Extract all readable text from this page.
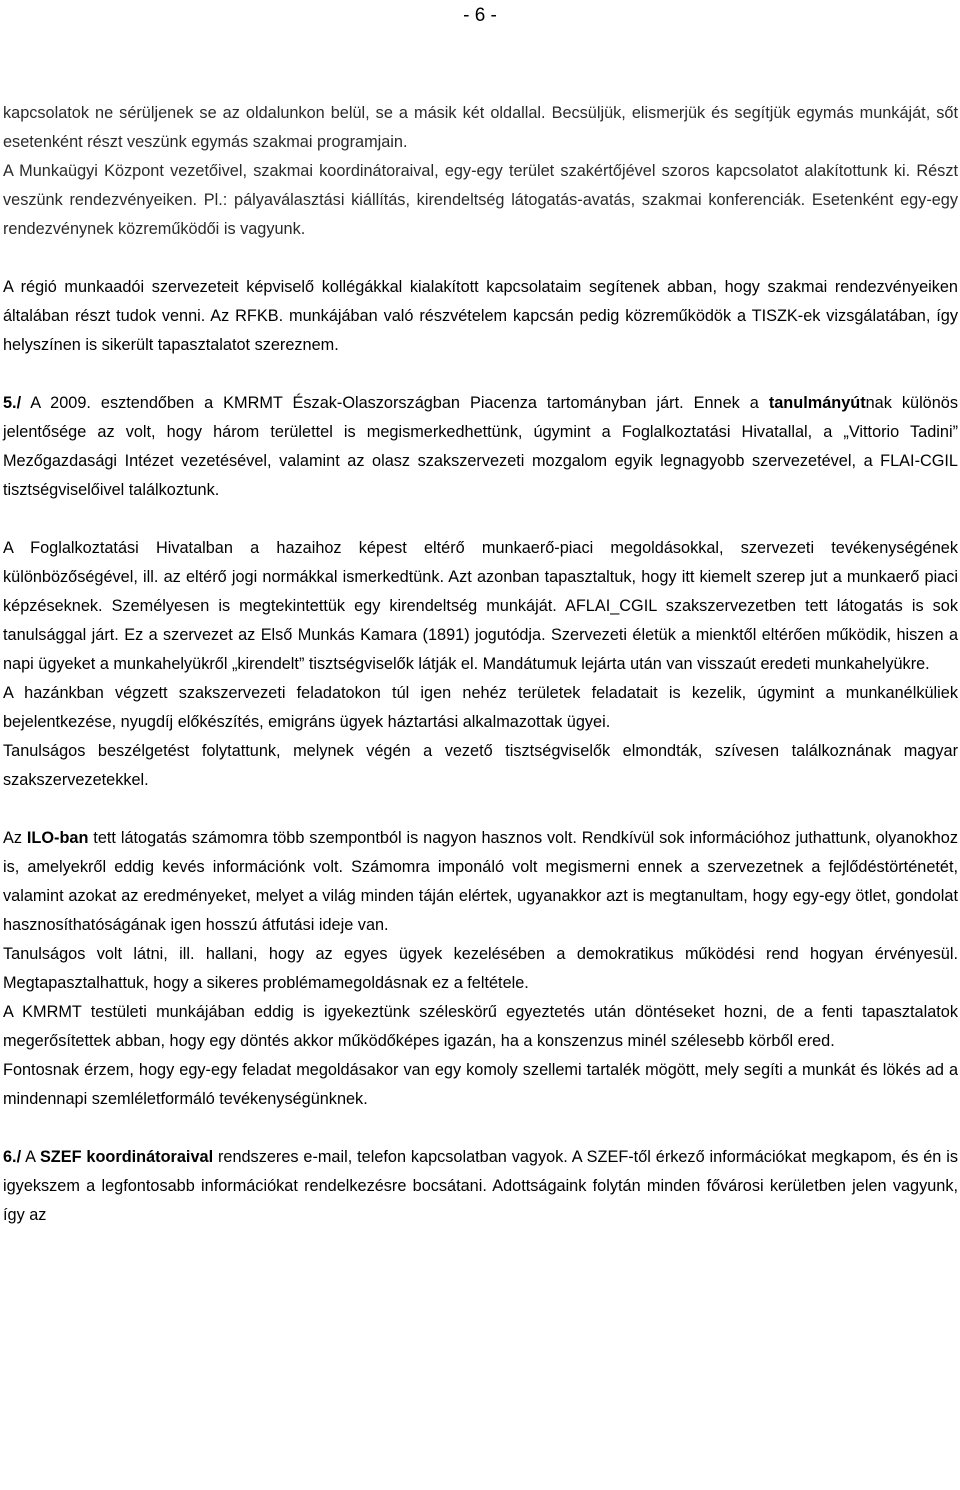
- 6 -

kapcsolatok ne sérüljenek se az oldalunkon belül, se a másik két oldallal. Becsüljük, elismerjük és segítjük egymás munkáját, sőt esetenként részt veszünk egymás szakmai programjain.

A Munkaügyi Központ vezetőivel, szakmai koordinátoraival, egy-egy terület szakértőjével szoros kapcsolatot alakítottunk ki. Részt veszünk rendezvényeiken. Pl.: pályaválasztási kiállítás, kirendeltség látogatás-avatás, szakmai konferenciák. Esetenként egy-egy rendezvénynek közreműködői is vagyunk.

A régió munkaadói szervezeteit képviselő kollégákkal kialakított kapcsolataim segítenek abban, hogy szakmai rendezvényeiken általában részt tudok venni. Az RFKB. munkájában való részvételem kapcsán pedig közreműködök a TISZK-ek vizsgálatában, így helyszínen is sikerült tapasztalatot szereznem.

5./ A 2009. esztendőben a KMRMT Észak-Olaszországban Piacenza tartományban járt. Ennek a tanulmányútnak különös jelentősége az volt, hogy három területtel is megismerkedhettünk, úgymint a Foglalkoztatási Hivatallal, a „Vittorio Tadini” Mezőgazdasági Intézet vezetésével, valamint az olasz szakszervezeti mozgalom egyik legnagyobb szervezetével, a FLAI-CGIL tisztségviselőivel találkoztunk.

A Foglalkoztatási Hivatalban a hazaihoz képest eltérő munkaerő-piaci megoldásokkal, szervezeti tevékenységének különbözőségével, ill. az eltérő jogi normákkal ismerkedtünk. Azt azonban tapasztaltuk, hogy itt kiemelt szerep jut a munkaerő piaci képzéseknek. Személyesen is megtekintettük egy kirendeltség munkáját. AFLAI_CGIL szakszervezetben tett látogatás is sok tanulsággal járt. Ez a szervezet az Első Munkás Kamara (1891) jogutódja. Szervezeti életük a mienktől eltérően működik, hiszen a napi ügyeket a munkahelyükről „kirendelt” tisztségviselők látják el. Mandátumuk lejárta után van visszaút eredeti munkahelyükre.

A hazánkban végzett szakszervezeti feladatokon túl igen nehéz területek feladatait is kezelik, úgymint a munkanélküliek bejelentkezése, nyugdíj előkészítés, emigráns ügyek háztartási alkalmazottak ügyei.

Tanulságos beszélgetést folytattunk, melynek végén a vezető tisztségviselők elmondták, szívesen találkoznának magyar szakszervezetekkel.

Az ILO-ban tett látogatás számomra több szempontból is nagyon hasznos volt. Rendkívül sok információhoz juthattunk, olyanokhoz is, amelyekről eddig kevés információnk volt. Számomra imponáló volt megismerni ennek a szervezetnek a fejlődéstörténetét, valamint azokat az eredményeket, melyet a világ minden táján elértek, ugyanakkor azt is megtanultam, hogy egy-egy ötlet, gondolat hasznosíthatóságának igen hosszú átfutási ideje van.

Tanulságos volt látni, ill. hallani, hogy az egyes ügyek kezelésében a demokratikus működési rend hogyan érvényesül. Megtapasztalhattuk, hogy a sikeres problémamegoldásnak ez a feltétele.

A KMRMT testületi munkájában eddig is igyekeztünk széleskörű egyeztetés után döntéseket hozni, de a fenti tapasztalatok megerősítettek abban, hogy egy döntés akkor működőképes igazán, ha a konszenzus minél szélesebb körből ered.

Fontosnak érzem, hogy egy-egy feladat megoldásakor van egy komoly szellemi tartalék mögött, mely segíti a munkát és lökés ad a mindennapi szemléletformáló tevékenységünknek.

6./ A SZEF koordinátoraival rendszeres e-mail, telefon kapcsolatban vagyok. A SZEF-től érkező információkat megkapom, és én is igyekszem a legfontosabb információkat rendelkezésre bocsátani. Adottságaink folytán minden fővárosi kerületben jelen vagyunk, így az
